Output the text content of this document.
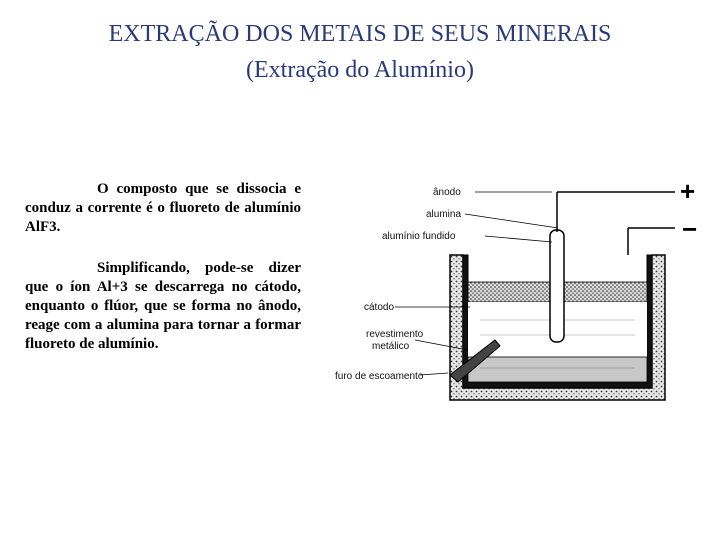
EXTRAÇÃO DOS METAIS DE SEUS MINERAIS
(Extração do Alumínio)
O composto que se dissocia e conduz a corrente é o fluoreto de alumínio AlF3.
Simplificando, pode-se dizer que o íon Al+3 se descarrega no cátodo, enquanto o flúor, que se forma no ânodo, reage com a alumina para tornar a formar fluoreto de alumínio.
+
−
ânodo
alumina
alumínio fundido
cátodo
revestimento
metálico
furo de escoamento
